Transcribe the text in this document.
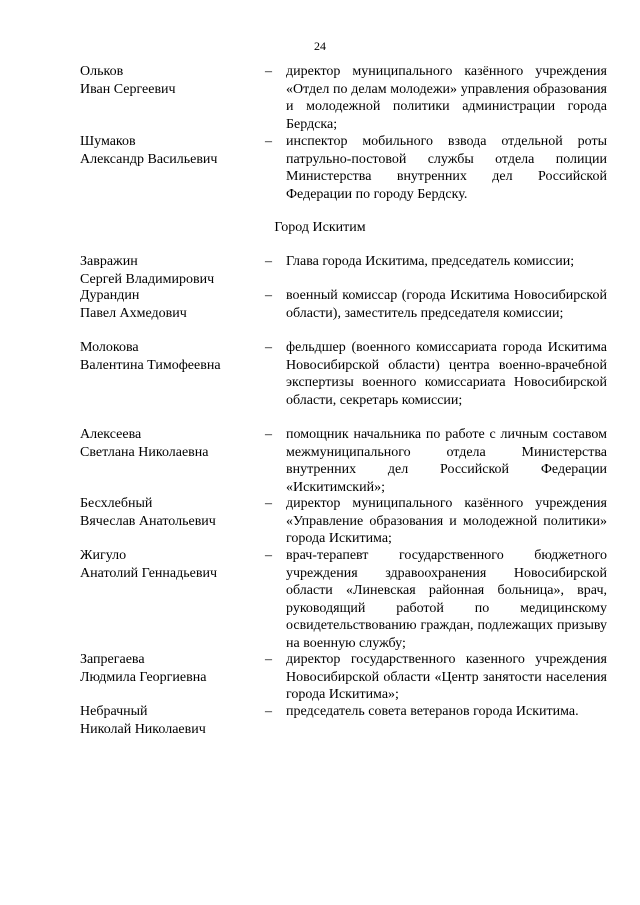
24
Ольков
Иван Сергеевич
– директор муниципального казённого учреждения «Отдел по делам молодежи» управления образования и молодежной политики администрации города Бердска;
Шумаков
Александр Васильевич
– инспектор мобильного взвода отдельной роты патрульно-постовой службы отдела полиции Министерства внутренних дел Российской Федерации по городу Бердску.
Город Искитим
Завражин
Сергей Владимирович
– Глава города Искитима, председатель комиссии;
Дурандин
Павел Ахмедович
– военный комиссар (города Искитима Новосибирской области), заместитель председателя комиссии;
Молокова
Валентина Тимофеевна
– фельдшер (военного комиссариата города Искитима Новосибирской области) центра военно-врачебной экспертизы военного комиссариата Новосибирской области, секретарь комиссии;
Алексеева
Светлана Николаевна
– помощник начальника по работе с личным составом межмуниципального отдела Министерства внутренних дел Российской Федерации «Искитимский»;
Бесхлебный
Вячеслав Анатольевич
– директор муниципального казённого учреждения «Управление образования и молодежной политики» города Искитима;
Жигуло
Анатолий Геннадьевич
– врач-терапевт государственного бюджетного учреждения здравоохранения Новосибирской области «Линевская районная больница», врач, руководящий работой по медицинскому освидетельствованию граждан, подлежащих призыву на военную службу;
Запрегаева
Людмила Георгиевна
– директор государственного казенного учреждения Новосибирской области «Центр занятости населения города Искитима»;
Небрачный
Николай Николаевич
– председатель совета ветеранов города Искитима.
